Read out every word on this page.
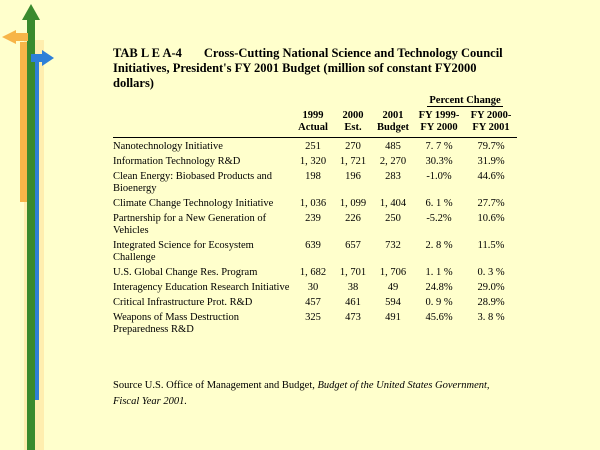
TAB L E A-4 Cross-Cutting National Science and Technology Council Initiatives, President's FY 2001 Budget (million sof constant FY2000 dollars)
				Percent Change	
	1999	2000	2001	FY 1999-	FY 2000-
	Actual	Est.	Budget	FY 2000	FY 2001

Nanotechnology Initiative	251	270	485	7. 7 %	79.7%
Information Technology R&D	1, 320	1, 721	2, 270	30.3%	31.9%
Clean Energy: Biobased Products and Bioenergy	198	196	283	-1.0%	44.6%
Climate Change Technology Initiative	1, 036	1, 099	1, 404	6. 1 %	27.7%
Partnership for a New Generation of Vehicles	239	226	250	-5.2%	10.6%
Integrated Science for Ecosystem Challenge	639	657	732	2. 8 %	11.5%
U.S. Global Change Res. Program	1, 682	1, 701	1, 706	1. 1 %	0. 3 %
Interagency Education Research Initiative	30	38	49	24.8%	29.0%
Critical Infrastructure Prot. R&D	457	461	594	0. 9 %	28.9%
Weapons of Mass Destruction Preparedness R&D	325	473	491	45.6%	3. 8 %
Source U.S. Office of Management and Budget, Budget of the United States Government, Fiscal Year 2001.
